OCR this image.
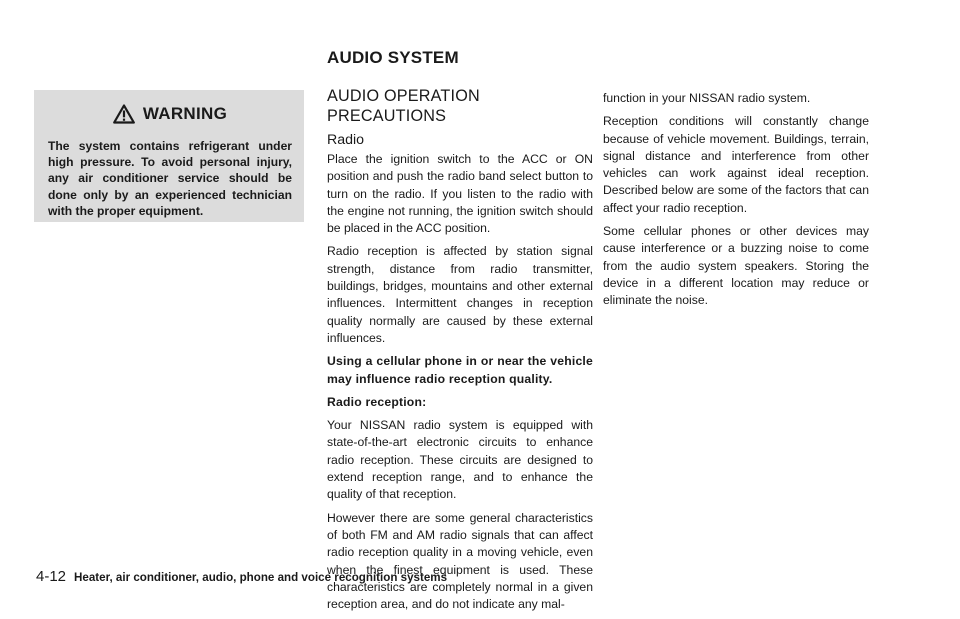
AUDIO SYSTEM
WARNING

The system contains refrigerant under high pressure. To avoid personal injury, any air conditioner service should be done only by an experienced technician with the proper equipment.

AUDIO OPERATION PRECAUTIONS
Radio

Place the ignition switch to the ACC or ON position and push the radio band select button to turn on the radio. If you listen to the radio with the engine not running, the ignition switch should be placed in the ACC position.

Radio reception is affected by station signal strength, distance from radio transmitter, buildings, bridges, mountains and other external influences. Intermittent changes in reception quality normally are caused by these external influences.

Using a cellular phone in or near the vehicle may influence radio reception quality.

Radio reception:

Your NISSAN radio system is equipped with state-of-the-art electronic circuits to enhance radio reception. These circuits are designed to extend reception range, and to enhance the quality of that reception.

However there are some general characteristics of both FM and AM radio signals that can affect radio reception quality in a moving vehicle, even when the finest equipment is used. These characteristics are completely normal in a given reception area, and do not indicate any mal-

function in your NISSAN radio system.

Reception conditions will constantly change because of vehicle movement. Buildings, terrain, signal distance and interference from other vehicles can work against ideal reception. Described below are some of the factors that can affect your radio reception.

Some cellular phones or other devices may cause interference or a buzzing noise to come from the audio system speakers. Storing the device in a different location may reduce or eliminate the noise.

4-12 Heater, air conditioner, audio, phone and voice recognition systems
